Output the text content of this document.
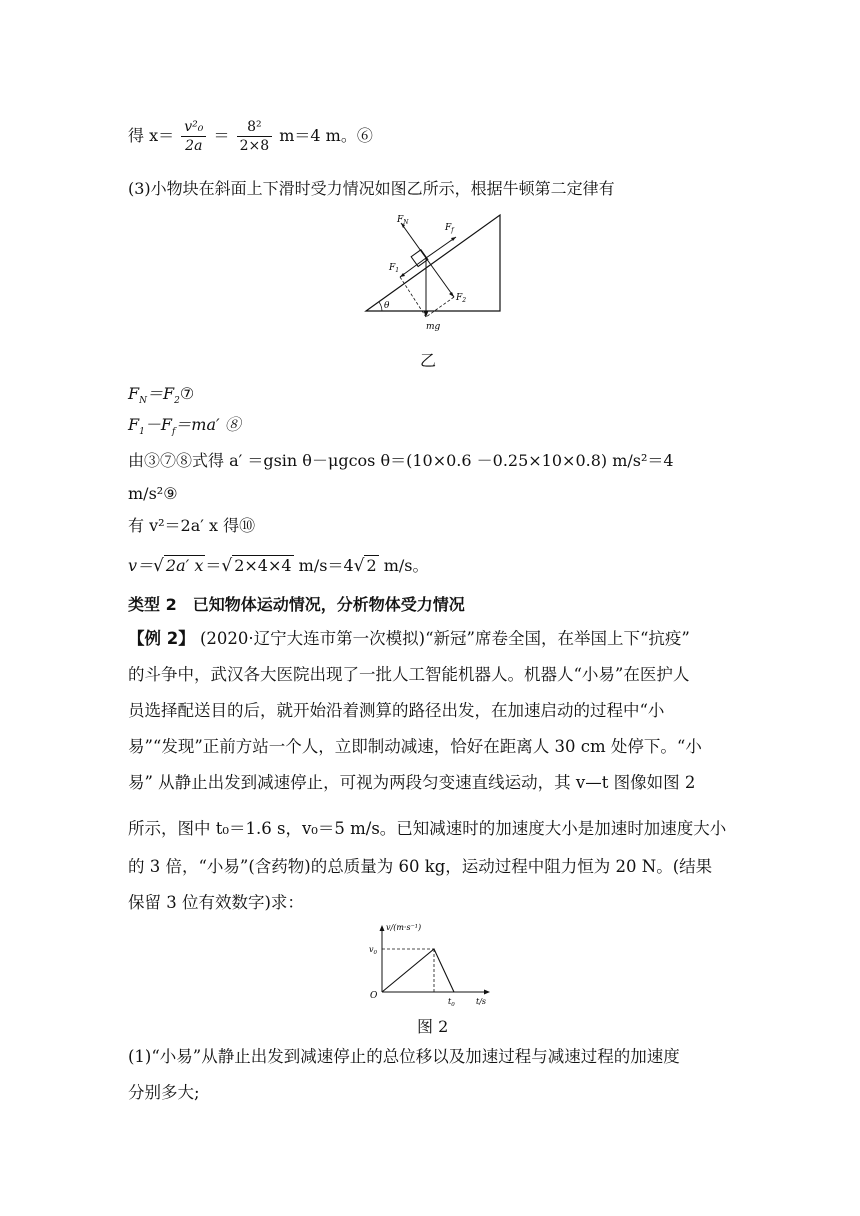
得 $x= \frac{\text{v²₀}}{2a} = \frac{\text{8²}}{2\times 8} m=4$ m。⑥
(3)小物块在斜面上下滑时受力情况如图乙所示，根据牛顿第二定律有
$F_N$
$F_f$
$F_1$
$F_2$
θ
mg
乙
$F_N=F_2⑦$
$F_1-F_f=ma'$ ⑧
由③⑦⑧式得 a′ ＝gsin θ－μgcos θ＝(10×0.6 －0.25×10×0.8) m/s²＝4
m/s²⑨
有 v²＝2a′ x 得⑩
v＝√ 2a′ x ＝√ 2×4×4 m/s＝4√ 2 m/s。
类型 2　已知物体运动情况，分析物体受力情况
【例 2】 (2020·辽宁大连市第一次模拟)“新冠”席卷全国，在举国上下“抗疫”
的斗争中，武汉各大医院出现了一批人工智能机器人。机器人“小易”在医护人
员选择配送目的后，就开始沿着测算的路径出发，在加速启动的过程中“小
易”“发现”正前方站一个人，立即制动减速，恰好在距离人 30 cm 处停下。“小
易” 从静止出发到减速停止，可视为两段匀变速直线运动，其 v—t 图像如图 2
所示，图中 t₀＝1.6 s，v₀＝5 m/s。已知减速时的加速度大小是加速时加速度大小
的 3 倍，“小易”(含药物)的总质量为 60 kg，运动过程中阻力恒为 20 N。(结果
保留 3 位有效数字)求：
v/(m·s⁻¹)
t/s
O
$v_0$
$t_0$
图 2
(1)“小易”从静止出发到减速停止的总位移以及加速过程与减速过程的加速度
分别多大;
